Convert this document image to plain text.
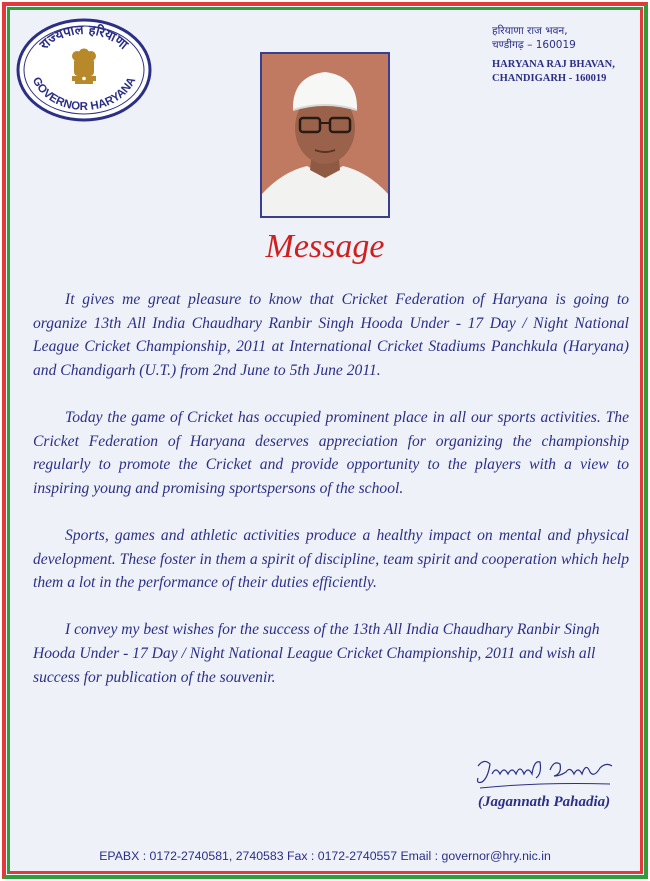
राज्यपाल हरियाणा
GOVERNOR HARYANA
हरियाणा राज भवन,
चण्डीगढ़ – 160019
HARYANA RAJ BHAVAN,
CHANDIGARH - 160019
Message

It gives me great pleasure to know that Cricket Federation of Haryana is going to organize 13th All India Chaudhary Ranbir Singh Hooda Under - 17 Day / Night National League Cricket Championship, 2011 at International Cricket Stadiums Panchkula (Haryana) and Chandigarh (U.T.) from 2nd June to 5th June 2011.

Today the game of Cricket has occupied prominent place in all our sports activities. The Cricket Federation of Haryana deserves appreciation for organizing the championship regularly to promote the Cricket and provide opportunity to the players with a view to inspiring young and promising sportspersons of the school.

Sports, games and athletic activities produce a healthy impact on mental and physical development. These foster in them a spirit of discipline, team spirit and cooperation which help them a lot in the performance of their duties efficiently.

I convey my best wishes for the success of the 13th All India Chaudhary Ranbir Singh Hooda Under - 17 Day / Night National League Cricket Championship, 2011 and wish all success for publication of the souvenir.

(Jagannath Pahadia)
EPABX : 0172-2740581, 2740583 Fax : 0172-2740557 Email : governor@hry.nic.in
